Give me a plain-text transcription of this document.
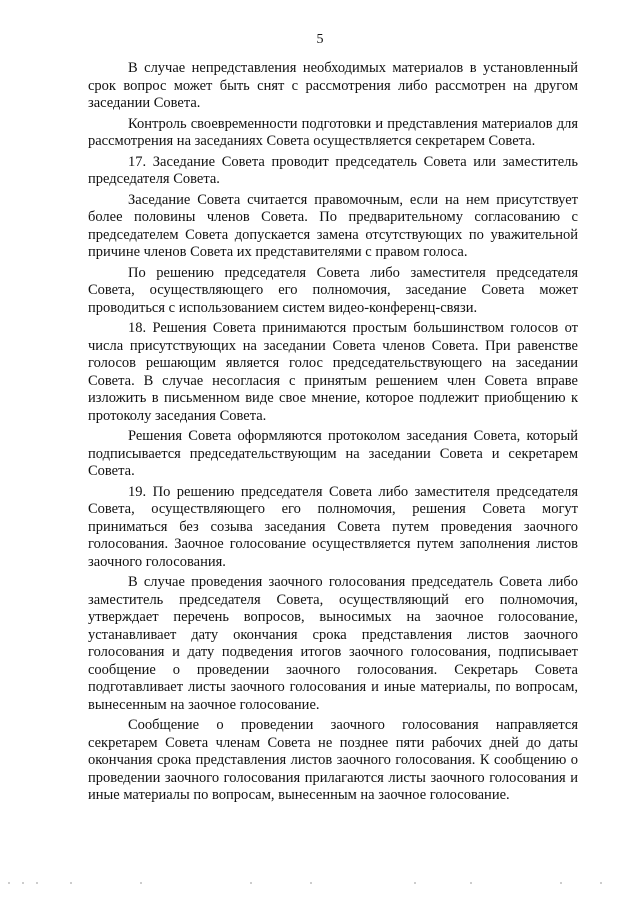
5

В случае непредставления необходимых материалов в установленный срок вопрос может быть снят с рассмотрения либо рассмотрен на другом заседании Совета.

Контроль своевременности подготовки и представления материалов для рассмотрения на заседаниях Совета осуществляется секретарем Совета.

17. Заседание Совета проводит председатель Совета или заместитель председателя Совета.

Заседание Совета считается правомочным, если на нем присутствует более половины членов Совета. По предварительному согласованию с председателем Совета допускается замена отсутствующих по уважительной причине членов Совета их представителями с правом голоса.

По решению председателя Совета либо заместителя председателя Совета, осуществляющего его полномочия, заседание Совета может проводиться с использованием систем видео-конференц-связи.

18. Решения Совета принимаются простым большинством голосов от числа присутствующих на заседании Совета членов Совета. При равенстве голосов решающим является голос председательствующего на заседании Совета. В случае несогласия с принятым решением член Совета вправе изложить в письменном виде свое мнение, которое подлежит приобщению к протоколу заседания Совета.

Решения Совета оформляются протоколом заседания Совета, который подписывается председательствующим на заседании Совета и секретарем Совета.

19. По решению председателя Совета либо заместителя председателя Совета, осуществляющего его полномочия, решения Совета могут приниматься без созыва заседания Совета путем проведения заочного голосования. Заочное голосование осуществляется путем заполнения листов заочного голосования.

В случае проведения заочного голосования председатель Совета либо заместитель председателя Совета, осуществляющий его полномочия, утверждает перечень вопросов, выносимых на заочное голосование, устанавливает дату окончания срока представления листов заочного голосования и дату подведения итогов заочного голосования, подписывает сообщение о проведении заочного голосования. Секретарь Совета подготавливает листы заочного голосования и иные материалы, по вопросам, вынесенным на заочное голосование.

Сообщение о проведении заочного голосования направляется секретарем Совета членам Совета не позднее пяти рабочих дней до даты окончания срока представления листов заочного голосования. К сообщению о проведении заочного голосования прилагаются листы заочного голосования и иные материалы по вопросам, вынесенным на заочное голосование.
